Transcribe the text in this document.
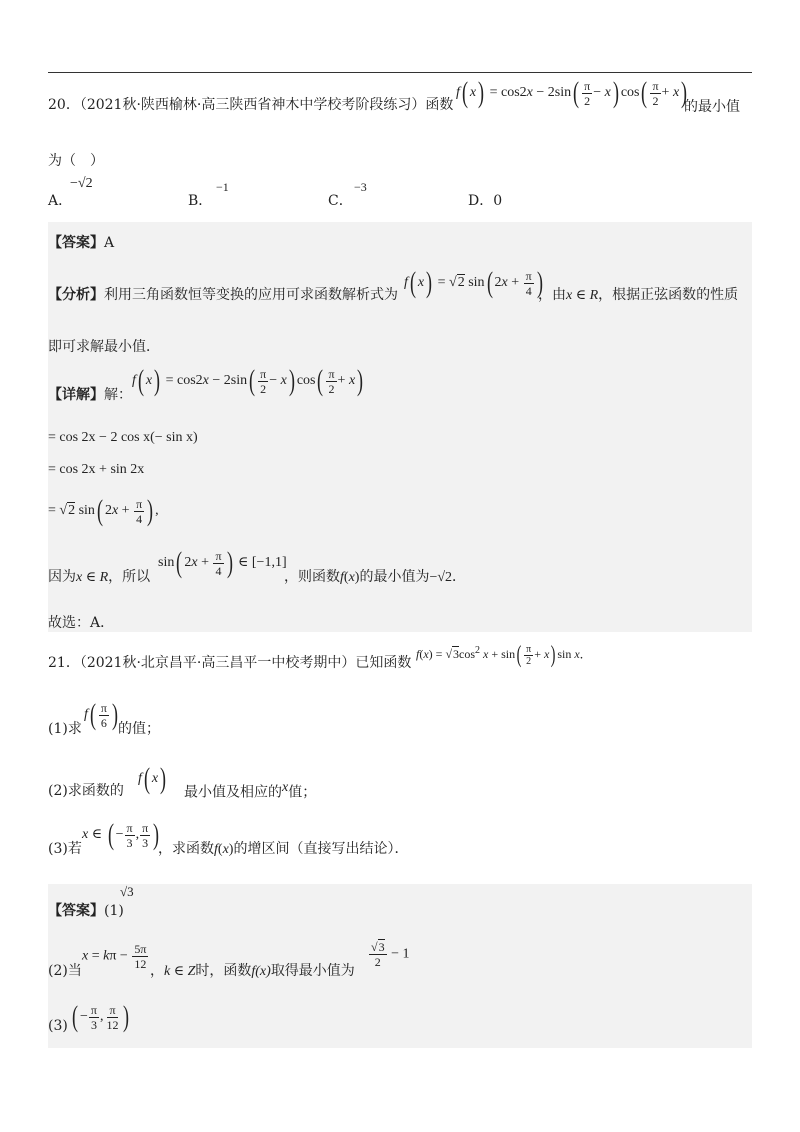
20．（2021秋·陕西榆林·高三陕西省神木中学校考阶段练习）函数
f( $x) = \cos 2x - 2\sin( \frac{\pi}{2} - x)$ $\cos( \frac{\pi}{2} + x)$
的最小值
为（　）
A．
−√2
B．
−1
C．
−3
D．0
【答案】A
【分析】利用三角函数恒等变换的应用可求函数解析式为
f( x) = √2 sin( $2x + \frac{\pi}{4}$ )
，由x ∈ R，根据正弦函数的性质
即可求解最小值．
【详解】解：
f( $x) = \cos 2x - 2\sin( \frac{\pi}{2} - x)$ $\cos( \frac{\pi}{2} + x)$
= cos 2x − 2 cos x(− sin x)
= cos 2x + sin 2x
= √2 sin( $2x + \frac{\pi}{4}$ ) ,
因为x ∈ R，所以
sin( $2x + \frac{\pi}{4}$ ) ∈ [−1,1]
，则函数f(x)的最小值为−√2．
故选：A．
21．（2021秋·北京昌平·高三昌平一中校考期中）已知函数
$f(x) = √3\cos^2$ $x + \sin( \frac{\pi}{2} + x)$ sin x．
(1)求
$f( \frac{\pi}{6}$ ) 的值；
(2)求函数的
f( x) 最小值及相应的x值；
(3)若
x ∈ ( − $\frac{\pi}{3}$ , $\frac{\pi}{3}$ )
，求函数f(x)的增区间（直接写出结论）．
【答案】(1)
√3
(2)当
$x = k\pi - \frac{5\pi}{12}$ ，k ∈ Z时，函数f(x)取得最小值为
$\frac{√3}{2} - 1$
(3) ( − $\frac{\pi}{3}$ , $\frac{\pi}{12}$ )
